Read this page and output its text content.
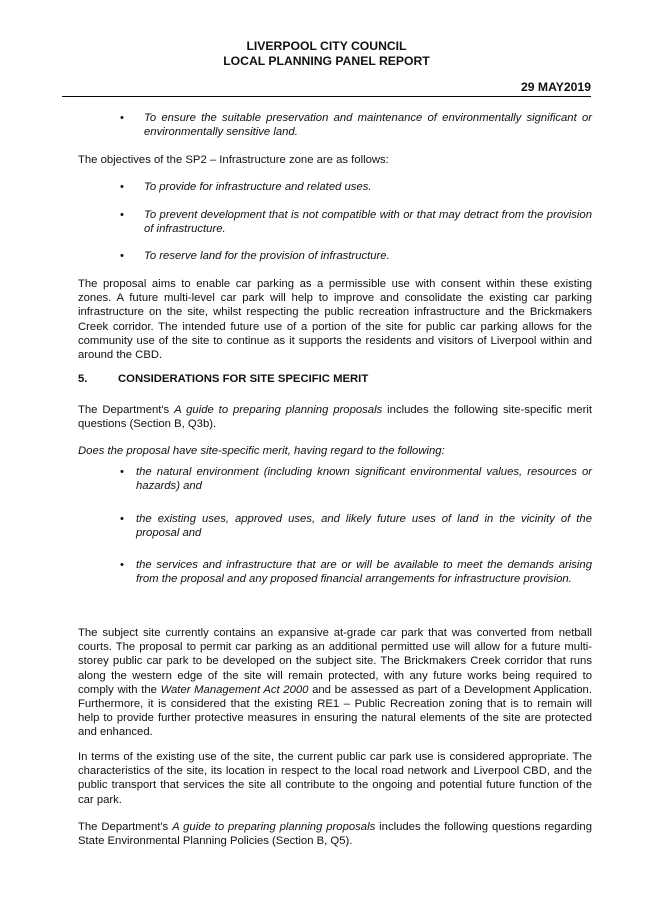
LIVERPOOL CITY COUNCIL
LOCAL PLANNING PANEL REPORT
29 MAY2019
• To ensure the suitable preservation and maintenance of environmentally significant or environmentally sensitive land.
The objectives of the SP2 – Infrastructure zone are as follows:
• To provide for infrastructure and related uses.
• To prevent development that is not compatible with or that may detract from the provision of infrastructure.
• To reserve land for the provision of infrastructure.
The proposal aims to enable car parking as a permissible use with consent within these existing zones. A future multi-level car park will help to improve and consolidate the existing car parking infrastructure on the site, whilst respecting the public recreation infrastructure and the Brickmakers Creek corridor. The intended future use of a portion of the site for public car parking allows for the community use of the site to continue as it supports the residents and visitors of Liverpool within and around the CBD.
5.	CONSIDERATIONS FOR SITE SPECIFIC MERIT
The Department's A guide to preparing planning proposals includes the following site-specific merit questions (Section B, Q3b).
Does the proposal have site-specific merit, having regard to the following:
• the natural environment (including known significant environmental values, resources or hazards) and
• the existing uses, approved uses, and likely future uses of land in the vicinity of the proposal and
• the services and infrastructure that are or will be available to meet the demands arising from the proposal and any proposed financial arrangements for infrastructure provision.
The subject site currently contains an expansive at-grade car park that was converted from netball courts. The proposal to permit car parking as an additional permitted use will allow for a future multi-storey public car park to be developed on the subject site. The Brickmakers Creek corridor that runs along the western edge of the site will remain protected, with any future works being required to comply with the Water Management Act 2000 and be assessed as part of a Development Application. Furthermore, it is considered that the existing RE1 – Public Recreation zoning that is to remain will help to provide further protective measures in ensuring the natural elements of the site are protected and enhanced.
In terms of the existing use of the site, the current public car park use is considered appropriate. The characteristics of the site, its location in respect to the local road network and Liverpool CBD, and the public transport that services the site all contribute to the ongoing and potential future function of the car park.
The Department's A guide to preparing planning proposals includes the following questions regarding State Environmental Planning Policies (Section B, Q5).
